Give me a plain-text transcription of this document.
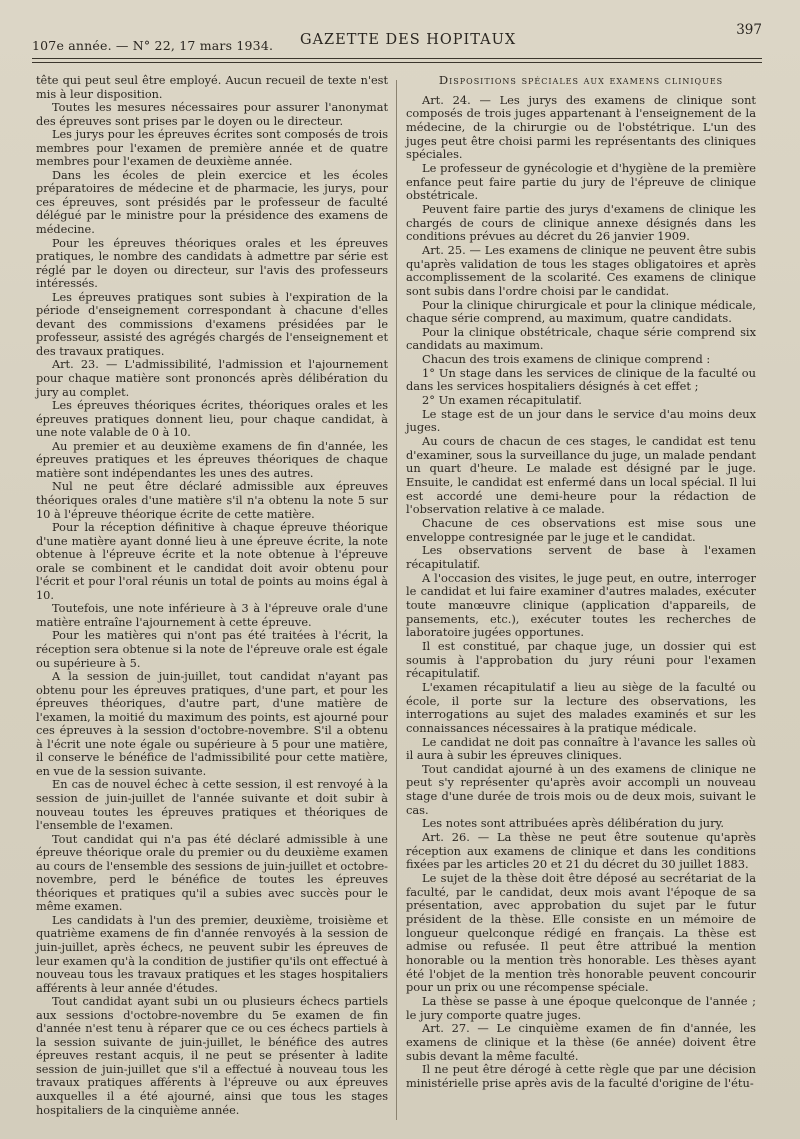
107e année. — N° 22, 17 mars 1934. GAZETTE DES HOPITAUX
397

tête qui peut seul être employé. Aucun recueil de texte n'est mis à leur disposition.

Toutes les mesures nécessaires pour assurer l'anonymat des épreuves sont prises par le doyen ou le directeur.

Les jurys pour les épreuves écrites sont composés de trois membres pour l'examen de première année et de quatre membres pour l'examen de deuxième année.

Dans les écoles de plein exercice et les écoles préparatoires de médecine et de pharmacie, les jurys, pour ces épreuves, sont présidés par le professeur de faculté délégué par le ministre pour la présidence des examens de médecine.

Pour les épreuves théoriques orales et les épreuves pratiques, le nombre des candidats à admettre par série est réglé par le doyen ou directeur, sur l'avis des professeurs intéressés.

Les épreuves pratiques sont subies à l'expiration de la période d'enseignement correspondant à chacune d'elles devant des commissions d'examens présidées par le professeur, assisté des agrégés chargés de l'enseignement et des travaux pratiques.

Art. 23. — L'admissibilité, l'admission et l'ajournement pour chaque matière sont prononcés après délibération du jury au complet.

Les épreuves théoriques écrites, théoriques orales et les épreuves pratiques donnent lieu, pour chaque candidat, à une note valable de 0 à 10.

Au premier et au deuxième examens de fin d'année, les épreuves pratiques et les épreuves théoriques de chaque matière sont indépendantes les unes des autres.

Nul ne peut être déclaré admissible aux épreuves théoriques orales d'une matière s'il n'a obtenu la note 5 sur 10 à l'épreuve théorique écrite de cette matière.

Pour la réception définitive à chaque épreuve théorique d'une matière ayant donné lieu à une épreuve écrite, la note obtenue à l'épreuve écrite et la note obtenue à l'épreuve orale se combinent et le candidat doit avoir obtenu pour l'écrit et pour l'oral réunis un total de points au moins égal à 10.

Toutefois, une note inférieure à 3 à l'épreuve orale d'une matière entraîne l'ajournement à cette épreuve.

Pour les matières qui n'ont pas été traitées à l'écrit, la réception sera obtenue si la note de l'épreuve orale est égale ou supérieure à 5.

A la session de juin-juillet, tout candidat n'ayant pas obtenu pour les épreuves pratiques, d'une part, et pour les épreuves théoriques, d'autre part, d'une matière de l'examen, la moitié du maximum des points, est ajourné pour ces épreuves à la session d'octobre-novembre. S'il a obtenu à l'écrit une note égale ou supérieure à 5 pour une matière, il conserve le bénéfice de l'admissibilité pour cette matière, en vue de la session suivante.

En cas de nouvel échec à cette session, il est renvoyé à la session de juin-juillet de l'année suivante et doit subir à nouveau toutes les épreuves pratiques et théoriques de l'ensemble de l'examen.

Tout candidat qui n'a pas été déclaré admissible à une épreuve théorique orale du premier ou du deuxième examen au cours de l'ensemble des sessions de juin-juillet et octobre-novembre, perd le bénéfice de toutes les épreuves théoriques et pratiques qu'il a subies avec succès pour le même examen.

Les candidats à l'un des premier, deuxième, troisième et quatrième examens de fin d'année renvoyés à la session de juin-juillet, après échecs, ne peuvent subir les épreuves de leur examen qu'à la condition de justifier qu'ils ont effectué à nouveau tous les travaux pratiques et les stages hospitaliers afférents à leur année d'études.

Tout candidat ayant subi un ou plusieurs échecs partiels aux sessions d'octobre-novembre du 5e examen de fin d'année n'est tenu à réparer que ce ou ces échecs partiels à la session suivante de juin-juillet, le bénéfice des autres épreuves restant acquis, il ne peut se présenter à ladite session de juin-juillet que s'il a effectué à nouveau tous les travaux pratiques afférents à l'épreuve ou aux épreuves auxquelles il a été ajourné, ainsi que tous les stages hospitaliers de la cinquième année.

Dispositions spéciales aux examens cliniques

Art. 24. — Les jurys des examens de clinique sont composés de trois juges appartenant à l'enseignement de la médecine, de la chirurgie ou de l'obstétrique. L'un des juges peut être choisi parmi les représentants des cliniques spéciales.

Le professeur de gynécologie et d'hygiène de la première enfance peut faire partie du jury de l'épreuve de clinique obstétricale.

Peuvent faire partie des jurys d'examens de clinique les chargés de cours de clinique annexe désignés dans les conditions prévues au décret du 26 janvier 1909.

Art. 25. — Les examens de clinique ne peuvent être subis qu'après validation de tous les stages obligatoires et après accomplissement de la scolarité. Ces examens de clinique sont subis dans l'ordre choisi par le candidat.

Pour la clinique chirurgicale et pour la clinique médicale, chaque série comprend, au maximum, quatre candidats.

Pour la clinique obstétricale, chaque série comprend six candidats au maximum.

Chacun des trois examens de clinique comprend :

1° Un stage dans les services de clinique de la faculté ou dans les services hospitaliers désignés à cet effet ;

2° Un examen récapitulatif.

Le stage est de un jour dans le service d'au moins deux juges.

Au cours de chacun de ces stages, le candidat est tenu d'examiner, sous la surveillance du juge, un malade pendant un quart d'heure. Le malade est désigné par le juge. Ensuite, le candidat est enfermé dans un local spécial. Il lui est accordé une demi-heure pour la rédaction de l'observation relative à ce malade.

Chacune de ces observations est mise sous une enveloppe contresignée par le juge et le candidat.

Les observations servent de base à l'examen récapitulatif.

A l'occasion des visites, le juge peut, en outre, interroger le candidat et lui faire examiner d'autres malades, exécuter toute manœuvre clinique (application d'appareils, de pansements, etc.), exécuter toutes les recherches de laboratoire jugées opportunes.

Il est constitué, par chaque juge, un dossier qui est soumis à l'approbation du jury réuni pour l'examen récapitulatif.

L'examen récapitulatif a lieu au siège de la faculté ou école, il porte sur la lecture des observations, les interrogations au sujet des malades examinés et sur les connaissances nécessaires à la pratique médicale.

Le candidat ne doit pas connaître à l'avance les salles où il aura à subir les épreuves cliniques.

Tout candidat ajourné à un des examens de clinique ne peut s'y représenter qu'après avoir accompli un nouveau stage d'une durée de trois mois ou de deux mois, suivant le cas.

Les notes sont attribuées après délibération du jury.

Art. 26. — La thèse ne peut être soutenue qu'après réception aux examens de clinique et dans les conditions fixées par les articles 20 et 21 du décret du 30 juillet 1883.

Le sujet de la thèse doit être déposé au secrétariat de la faculté, par le candidat, deux mois avant l'époque de sa présentation, avec approbation du sujet par le futur président de la thèse. Elle consiste en un mémoire de longueur quelconque rédigé en français. La thèse est admise ou refusée. Il peut être attribué la mention honorable ou la mention très honorable. Les thèses ayant été l'objet de la mention très honorable peuvent concourir pour un prix ou une récompense spéciale.

La thèse se passe à une époque quelconque de l'année ; le jury comporte quatre juges.

Art. 27. — Le cinquième examen de fin d'année, les examens de clinique et la thèse (6e année) doivent être subis devant la même faculté.

Il ne peut être dérogé à cette règle que par une décision ministérielle prise après avis de la faculté d'origine de l'étu-
